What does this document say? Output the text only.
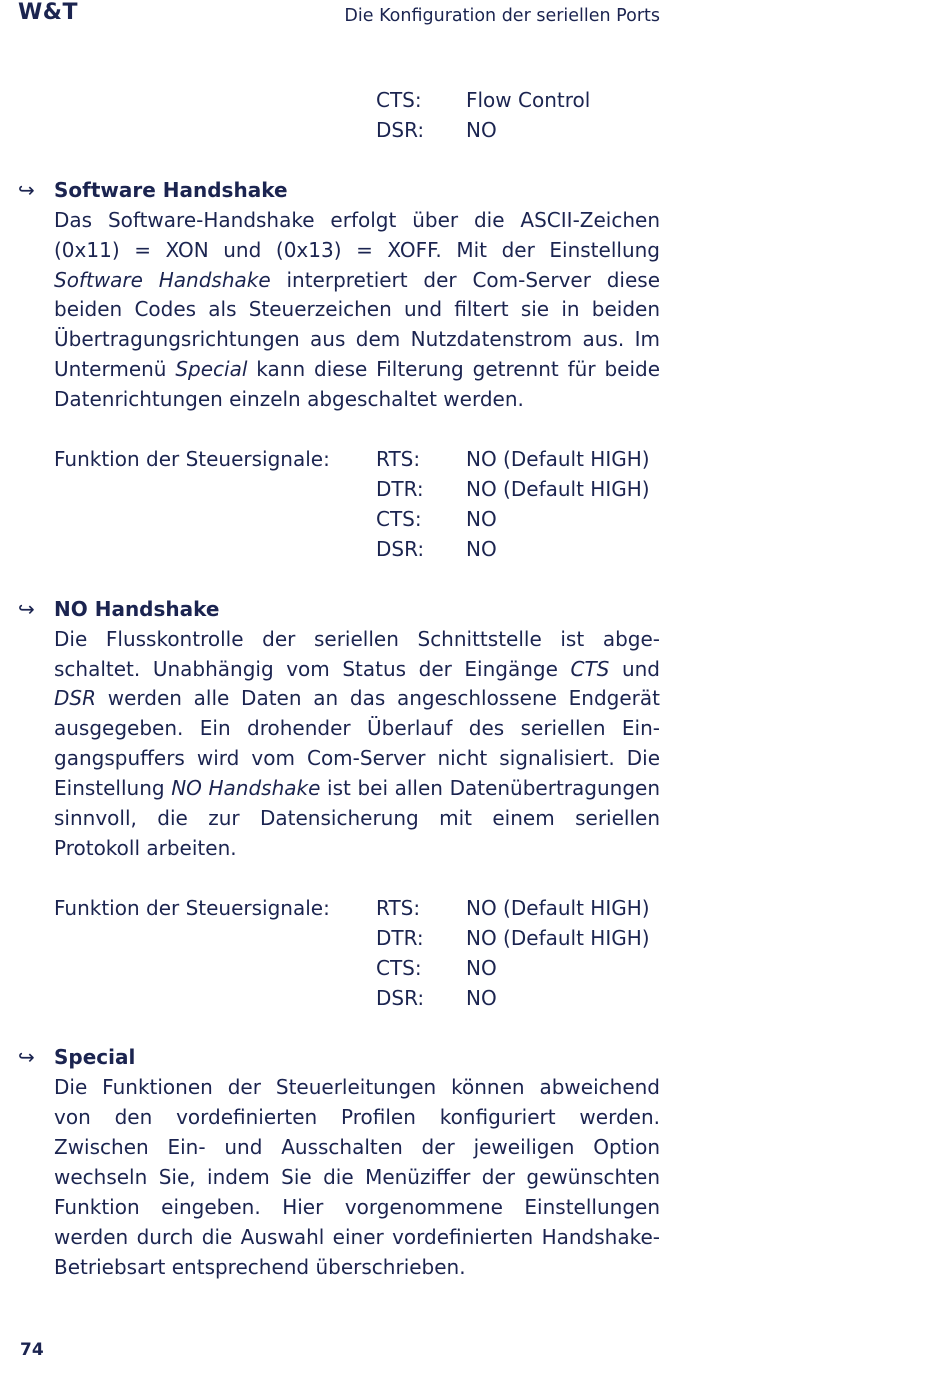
W&T	Die Konfiguration der seriellen Ports
	CTS:	Flow Control
	DSR:	NO
↪ Software Handshake
Das Software-Handshake erfolgt über die ASCII-Zeichen (0x11) = XON und (0x13) = XOFF. Mit der Einstellung Software Handshake interpretiert der Com-Server diese beiden Codes als Steuerzeichen und filtert sie in beiden Übertragungsrichtungen aus dem Nutzdatenstrom aus. Im Untermenü Special kann diese Filterung getrennt für beide Datenrichtungen einzeln abgeschaltet werden.
Funktion der Steuersignale:	RTS:	NO (Default HIGH)
	DTR:	NO (Default HIGH)
	CTS:	NO
	DSR:	NO
↪ NO Handshake
Die Flusskontrolle der seriellen Schnittstelle ist abgeschaltet. Unabhängig vom Status der Eingänge CTS und DSR werden alle Daten an das angeschlossene Endgerät ausgegeben. Ein drohender Überlauf des seriellen Eingangspuffers wird vom Com-Server nicht signalisiert. Die Einstellung NO Handshake ist bei allen Datenübertragungen sinnvoll, die zur Datensicherung mit einem seriellen Protokoll arbeiten.
Funktion der Steuersignale:	RTS:	NO (Default HIGH)
	DTR:	NO (Default HIGH)
	CTS:	NO
	DSR:	NO
↪ Special
Die Funktionen der Steuerleitungen können abweichend von den vordefinierten Profilen konfiguriert werden. Zwischen Ein- und Ausschalten der jeweiligen Option wechseln Sie, indem Sie die Menüziffer der gewünschten Funktion eingeben. Hier vorgenommene Einstellungen werden durch die Auswahl einer vordefinierten Handshake-Betriebsart entsprechend überschrieben.
74
